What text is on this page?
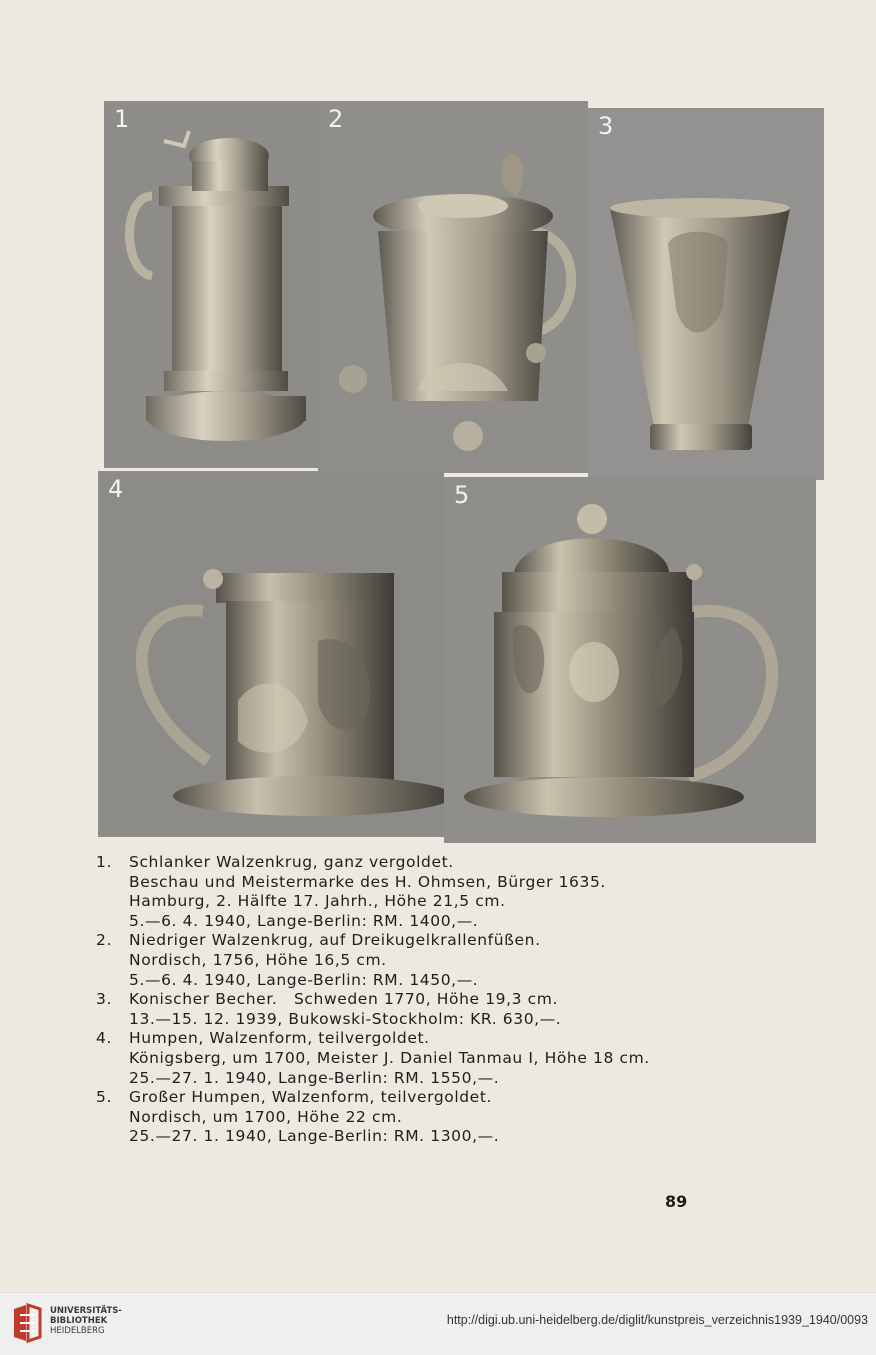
1	2	3
4	5
1. Schlanker Walzenkrug, ganz vergoldet.
Beschau und Meistermarke des H. Ohmsen, Bürger 1635.
Hamburg, 2. Hälfte 17. Jahrh., Höhe 21,5 cm.
5.—6. 4. 1940, Lange-Berlin: RM. 1400,—.
2. Niedriger Walzenkrug, auf Dreikugelkrallenfüßen.
Nordisch, 1756, Höhe 16,5 cm.
5.—6. 4. 1940, Lange-Berlin: RM. 1450,—.
3. Konischer Becher.   Schweden 1770, Höhe 19,3 cm.
13.—15. 12. 1939, Bukowski-Stockholm: KR. 630,—.
4. Humpen, Walzenform, teilvergoldet.
Königsberg, um 1700, Meister J. Daniel Tanmau I, Höhe 18 cm.
25.—27. 1. 1940, Lange-Berlin: RM. 1550,—.
5. Großer Humpen, Walzenform, teilvergoldet.
Nordisch, um 1700, Höhe 22 cm.
25.—27. 1. 1940, Lange-Berlin: RM. 1300,—.
89
UNIVERSITÄTS-
BIBLIOTHEK
HEIDELBERG
http://digi.ub.uni-heidelberg.de/diglit/kunstpreis_verzeichnis1939_1940/0093
